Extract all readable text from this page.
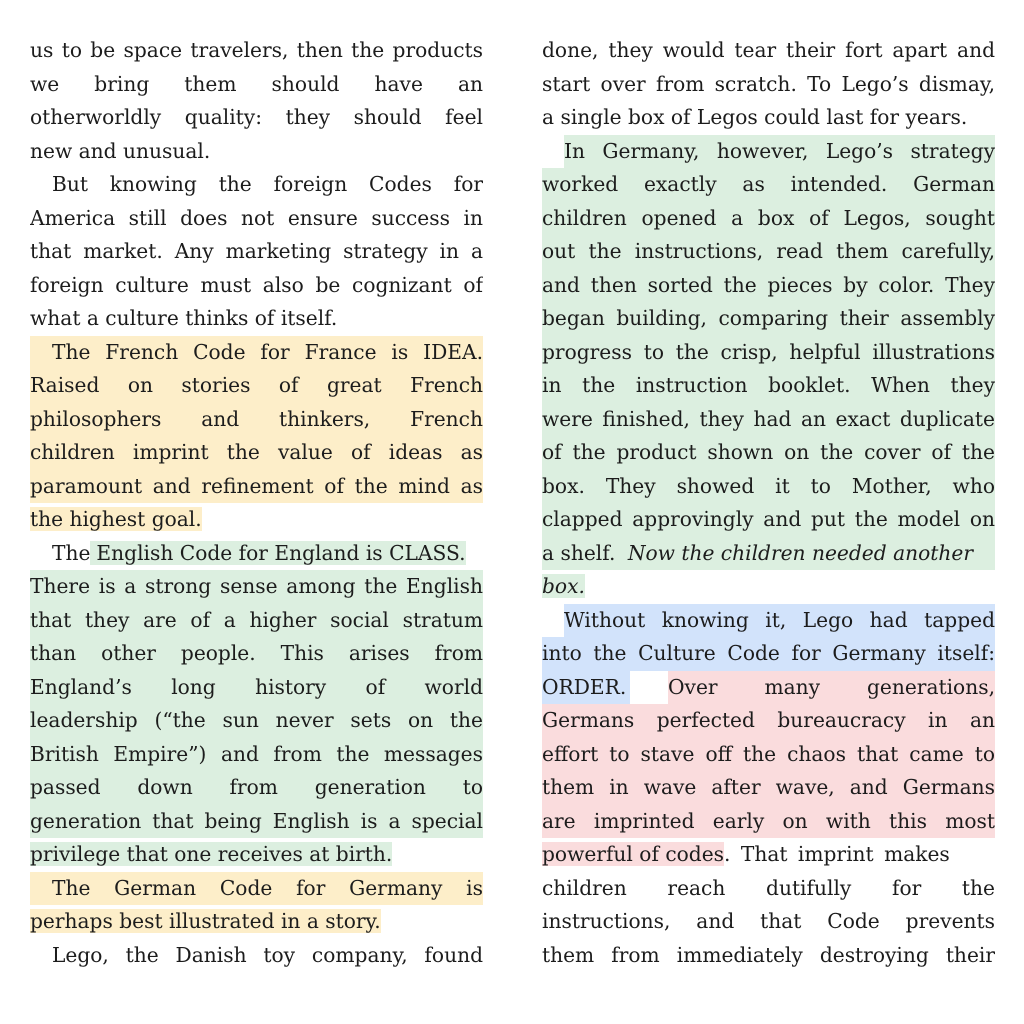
us to be space travelers, then the products
we bring them should have an
otherworldly quality: they should feel
new and unusual.
But knowing the foreign Codes for
America still does not ensure success in
that market. Any marketing strategy in a
foreign culture must also be cognizant of
what a culture thinks of itself.
The French Code for France is IDEA.
Raised on stories of great French
philosophers and thinkers, French
children imprint the value of ideas as
paramount and refinement of the mind as
the highest goal.
The English Code for England is CLASS.
There is a strong sense among the English
that they are of a higher social stratum
than other people. This arises from
England’s long history of world
leadership (“the sun never sets on the
British Empire”) and from the messages
passed down from generation to
generation that being English is a special
privilege that one receives at birth.
The German Code for Germany is
perhaps best illustrated in a story.
Lego, the Danish toy company, found
done, they would tear their fort apart and
start over from scratch. To Lego’s dismay,
a single box of Legos could last for years.
In Germany, however, Lego’s strategy
worked exactly as intended. German
children opened a box of Legos, sought
out the instructions, read them carefully,
and then sorted the pieces by color. They
began building, comparing their assembly
progress to the crisp, helpful illustrations
in the instruction booklet. When they
were finished, they had an exact duplicate
of the product shown on the cover of the
box. They showed it to Mother, who
clapped approvingly and put the model on
a shelf. Now the children needed another
box.
Without knowing it, Lego had tapped
into the Culture Code for Germany itself:
ORDER. Over many generations,
Germans perfected bureaucracy in an
effort to stave off the chaos that came to
them in wave after wave, and Germans
are imprinted early on with this most
powerful of codes. That imprint makes
children reach dutifully for the
instructions, and that Code prevents
them from immediately destroying their
